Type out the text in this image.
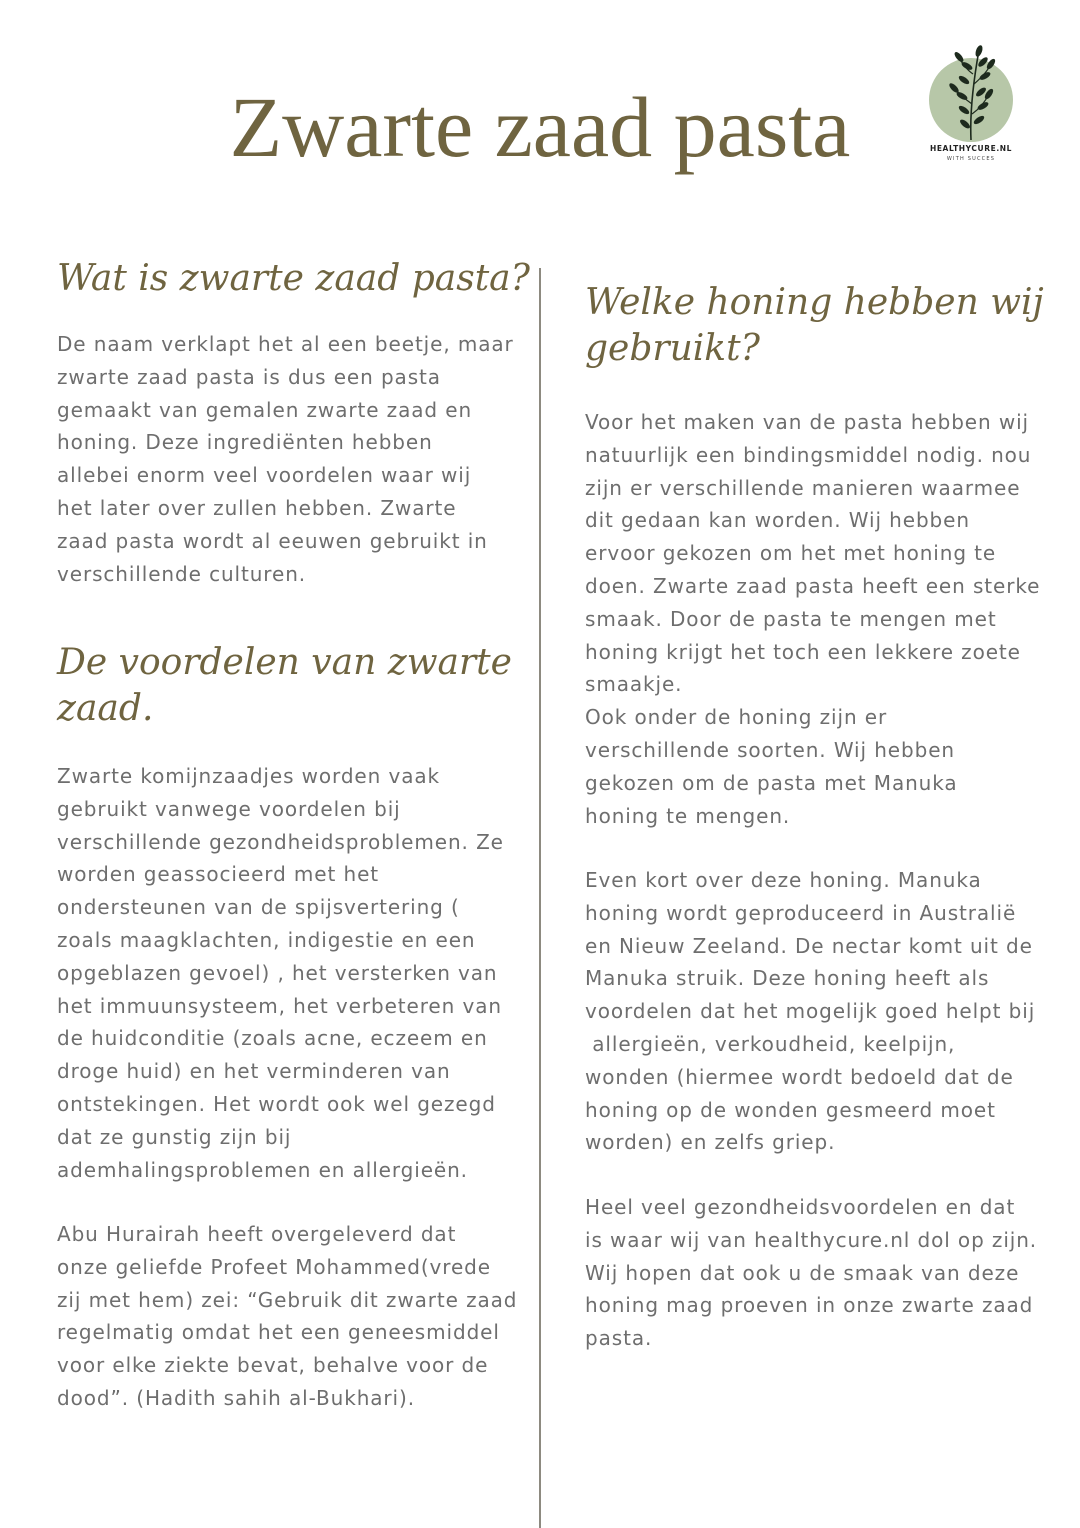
Zwarte zaad pasta	HEALTHYCURE.NL
WITH SUCCES
Wat is zwarte zaad pasta?
De naam verklapt het al een beetje, maar
zwarte zaad pasta is dus een pasta
gemaakt van gemalen zwarte zaad en
honing. Deze ingrediënten hebben
allebei enorm veel voordelen waar wij
het later over zullen hebben. Zwarte
zaad pasta wordt al eeuwen gebruikt in
verschillende culturen.
De voordelen van zwarte
zaad.
Zwarte komijnzaadjes worden vaak
gebruikt vanwege voordelen bij
verschillende gezondheidsproblemen. Ze
worden geassocieerd met het
ondersteunen van de spijsvertering (
zoals maagklachten, indigestie en een
opgeblazen gevoel) , het versterken van
het immuunsysteem, het verbeteren van
de huidconditie (zoals acne, eczeem en
droge huid) en het verminderen van
ontstekingen. Het wordt ook wel gezegd
dat ze gunstig zijn bij
ademhalingsproblemen en allergieën.
Abu Hurairah heeft overgeleverd dat
onze geliefde Profeet Mohammed(vrede
zij met hem) zei: “Gebruik dit zwarte zaad
regelmatig omdat het een geneesmiddel
voor elke ziekte bevat, behalve voor de
dood”. (Hadith sahih al-Bukhari).
Welke honing hebben wij
gebruikt?
Voor het maken van de pasta hebben wij
natuurlijk een bindingsmiddel nodig. nou
zijn er verschillende manieren waarmee
dit gedaan kan worden. Wij hebben
ervoor gekozen om het met honing te
doen. Zwarte zaad pasta heeft een sterke
smaak. Door de pasta te mengen met
honing krijgt het toch een lekkere zoete
smaakje.
Ook onder de honing zijn er
verschillende soorten. Wij hebben
gekozen om de pasta met Manuka
honing te mengen.
Even kort over deze honing. Manuka
honing wordt geproduceerd in Australië
en Nieuw Zeeland. De nectar komt uit de
Manuka struik. Deze honing heeft als
voordelen dat het mogelijk goed helpt bij
allergieën, verkoudheid, keelpijn,
wonden (hiermee wordt bedoeld dat de
honing op de wonden gesmeerd moet
worden) en zelfs griep.
Heel veel gezondheidsvoordelen en dat
is waar wij van healthycure.nl dol op zijn.
Wij hopen dat ook u de smaak van deze
honing mag proeven in onze zwarte zaad
pasta.
